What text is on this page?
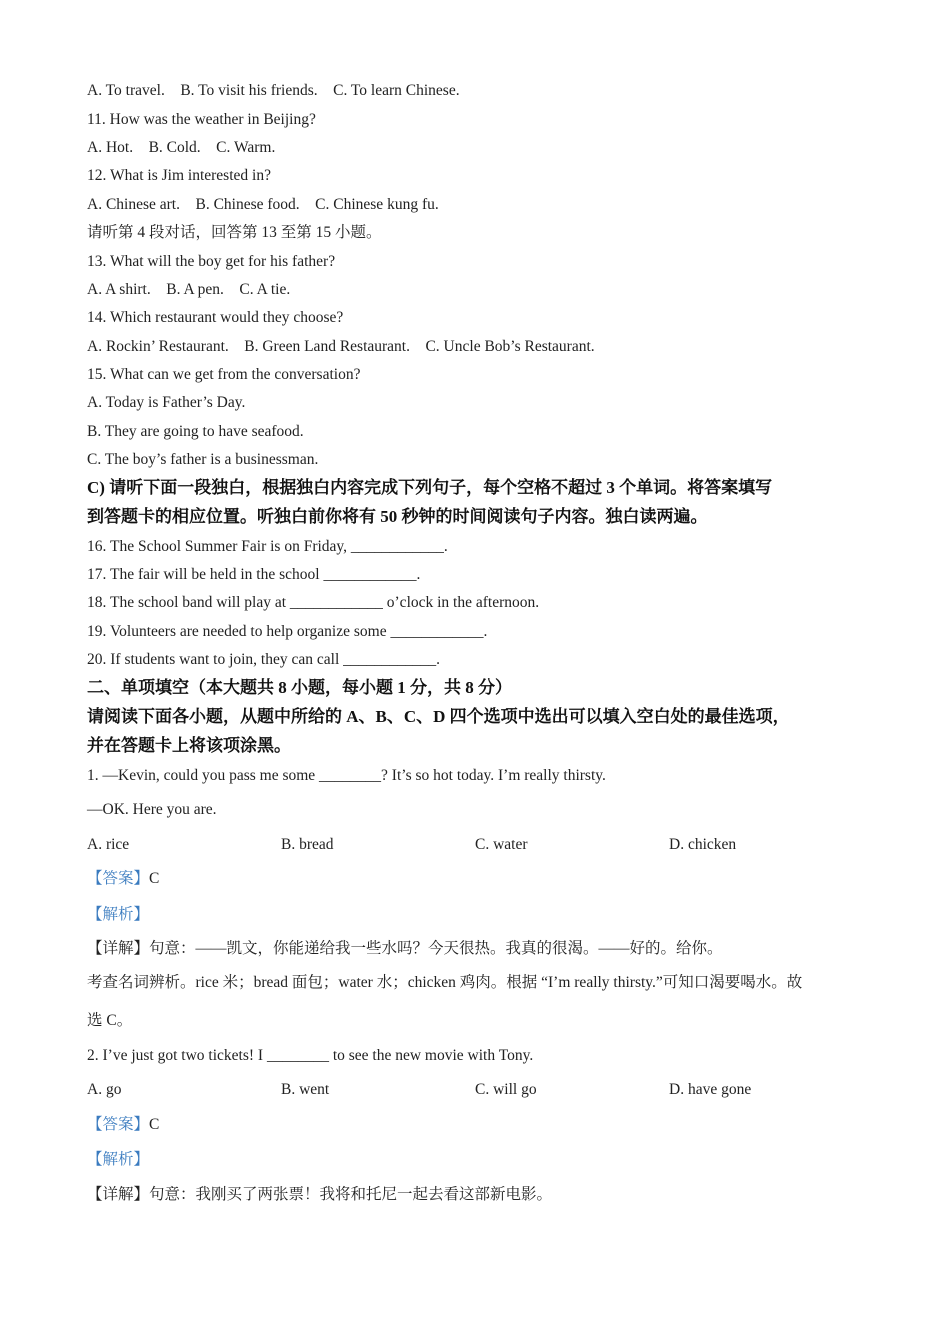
A. To travel.    B. To visit his friends.    C. To learn Chinese.
11. How was the weather in Beijing?
A. Hot.    B. Cold.    C. Warm.
12. What is Jim interested in?
A. Chinese art.    B. Chinese food.    C. Chinese kung fu.
请听第 4 段对话，回答第 13 至第 15 小题。
13. What will the boy get for his father?
A. A shirt.    B. A pen.    C. A tie.
14. Which restaurant would they choose?
A. Rockin’ Restaurant.    B. Green Land Restaurant.    C. Uncle Bob’s Restaurant.
15. What can we get from the conversation?
A. Today is Father’s Day.
B. They are going to have seafood.
C. The boy’s father is a businessman.
C) 请听下面一段独白，根据独白内容完成下列句子，每个空格不超过 3 个单词。将答案填写
到答题卡的相应位置。听独白前你将有 50 秒钟的时间阅读句子内容。独白读两遍。
16. The School Summer Fair is on Friday, ____________.
17. The fair will be held in the school ____________.
18. The school band will play at ____________ o’clock in the afternoon.
19. Volunteers are needed to help organize some ____________.
20. If students want to join, they can call ____________.
二、单项填空（本大题共 8 小题，每小题 1 分，共 8 分）
请阅读下面各小题，从题中所给的 A、B、C、D 四个选项中选出可以填入空白处的最佳选项，
并在答题卡上将该项涂黑。
1. —Kevin, could you pass me some ________? It’s so hot today. I’m really thirsty.
—OK. Here you are.
A. rice	B. bread	C. water	D. chicken
【答案】C
【解析】
【详解】句意：——凯文，你能递给我一些水吗？今天很热。我真的很渴。——好的。给你。
考查名词辨析。rice 米；bread 面包；water 水；chicken 鸡肉。根据 “I’m really thirsty.”可知口渴要喝水。故
选 C。
2. I’ve just got two tickets! I ________ to see the new movie with Tony.
A. go	B. went	C. will go	D. have gone
【答案】C
【解析】
【详解】句意：我刚买了两张票！我将和托尼一起去看这部新电影。
